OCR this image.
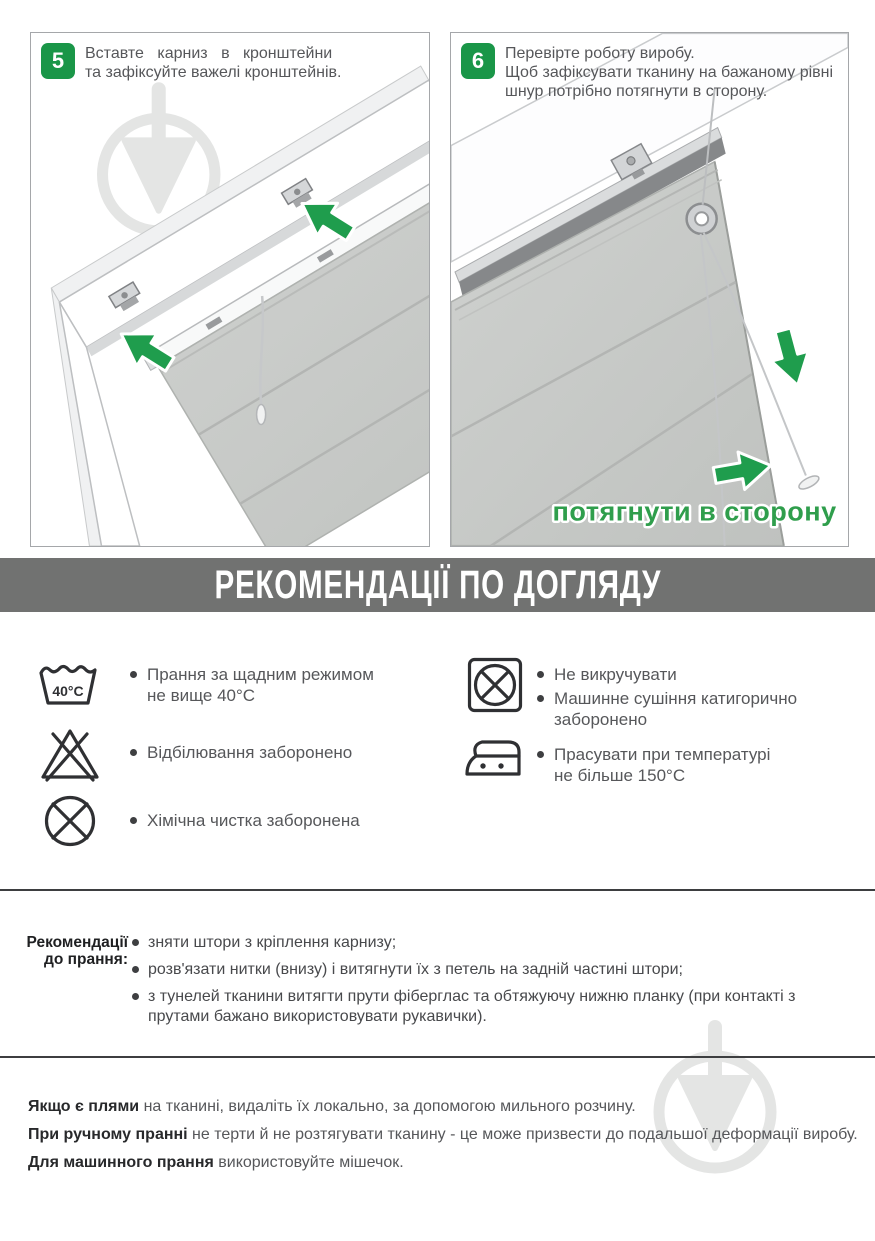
5	Вставте карниз в кронштейни
та зафіксуйте важелі кронштейнів.
потягнути в сторону
6	Перевірте роботу виробу.
Щоб зафіксувати тканину на бажаному рівні
шнур потрібно потягнути в сторону.
РЕКОМЕНДАЦІЇ ПО ДОГЛЯДУ
40°C
Прання за щадним режимом
не вище 40°С
Відбілювання заборонено
Хімічна чистка заборонена
Не викручувати
Машинне сушіння катигорично
заборонено
Прасувати при температурі
не більше 150°С
Рекомендації
до прання:
зняти штори з кріплення карнизу;
розв'язати нитки (внизу) і витягнути їх з петель на задній частині штори;
з тунелей тканини витягти прути фіберглас та обтяжуючу нижню планку (при контакті з прутами бажано використовувати рукавички).
Якщо є плями на тканині, видаліть їх локально, за допомогою мильного розчину.
При ручному пранні не терти й не розтягувати тканину - це може призвести до подальшої деформації виробу.
Для машинного прання використовуйте мішечок.
